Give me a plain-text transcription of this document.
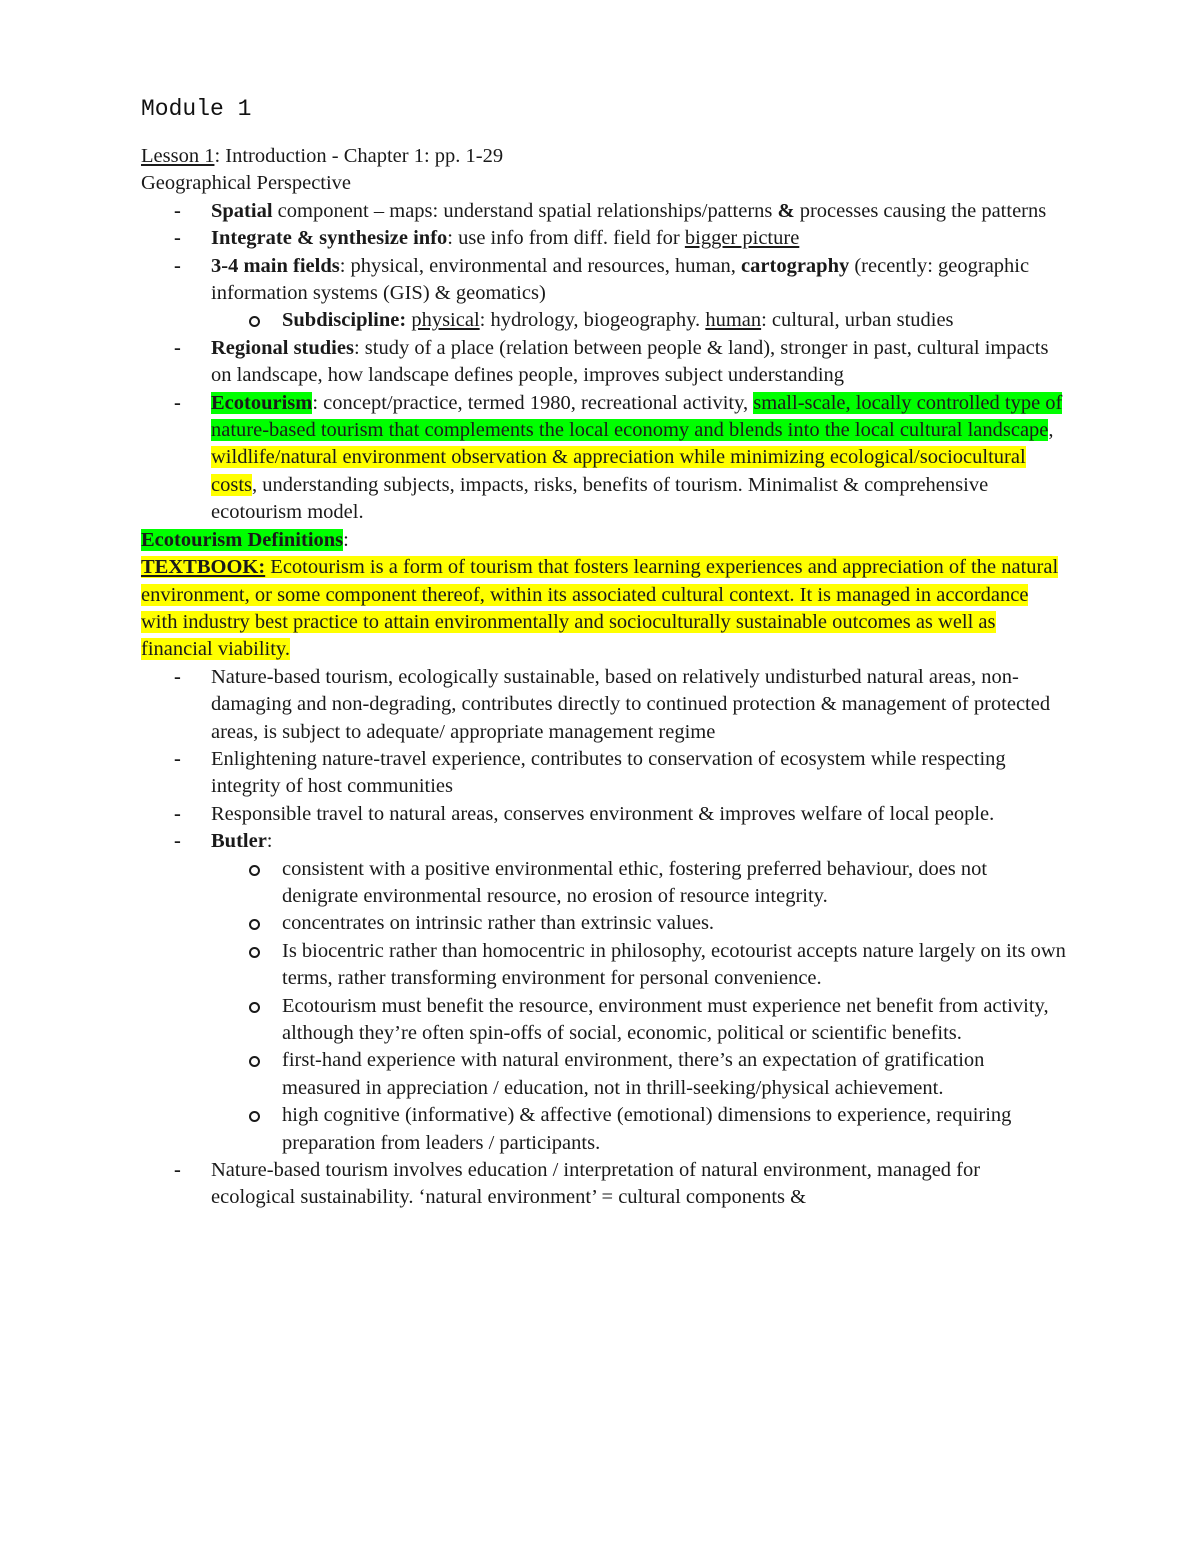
Module 1

Lesson 1: Introduction - Chapter 1: pp. 1-29

Geographical Perspective

- Spatial component – maps: understand spatial relationships/patterns & processes causing the patterns
- Integrate & synthesize info: use info from diff. field for bigger picture
- 3-4 main fields: physical, environmental and resources, human, cartography (recently: geographic information systems (GIS) & geomatics)
Subdiscipline: physical: hydrology, biogeography. human: cultural, urban studies
- Regional studies: study of a place (relation between people & land), stronger in past, cultural impacts on landscape, how landscape defines people, improves subject understanding
- Ecotourism: concept/practice, termed 1980, recreational activity, small-scale, locally controlled type of nature-based tourism that complements the local economy and blends into the local cultural landscape, wildlife/natural environment observation & appreciation while minimizing ecological/sociocultural costs, understanding subjects, impacts, risks, benefits of tourism. Minimalist & comprehensive ecotourism model.

Ecotourism Definitions:

TEXTBOOK: Ecotourism is a form of tourism that fosters learning experiences and appreciation of the natural environment, or some component thereof, within its associated cultural context. It is managed in accordance with industry best practice to attain environmentally and socioculturally sustainable outcomes as well as financial viability.

- Nature-based tourism, ecologically sustainable, based on relatively undisturbed natural areas, non-damaging and non-degrading, contributes directly to continued protection & management of protected areas, is subject to adequate/ appropriate management regime
- Enlightening nature-travel experience, contributes to conservation of ecosystem while respecting integrity of host communities
- Responsible travel to natural areas, conserves environment & improves welfare of local people.
- Butler:
consistent with a positive environmental ethic, fostering preferred behaviour, does not denigrate environmental resource, no erosion of resource integrity.
concentrates on intrinsic rather than extrinsic values.
Is biocentric rather than homocentric in philosophy, ecotourist accepts nature largely on its own terms, rather transforming environment for personal convenience.
Ecotourism must benefit the resource, environment must experience net benefit from activity, although they’re often spin-offs of social, economic, political or scientific benefits.
first-hand experience with natural environment, there’s an expectation of gratification measured in appreciation / education, not in thrill-seeking/physical achievement.
high cognitive (informative) & affective (emotional) dimensions to experience, requiring preparation from leaders / participants.
- Nature-based tourism involves education / interpretation of natural environment, managed for ecological sustainability. ‘natural environment’ = cultural components &
